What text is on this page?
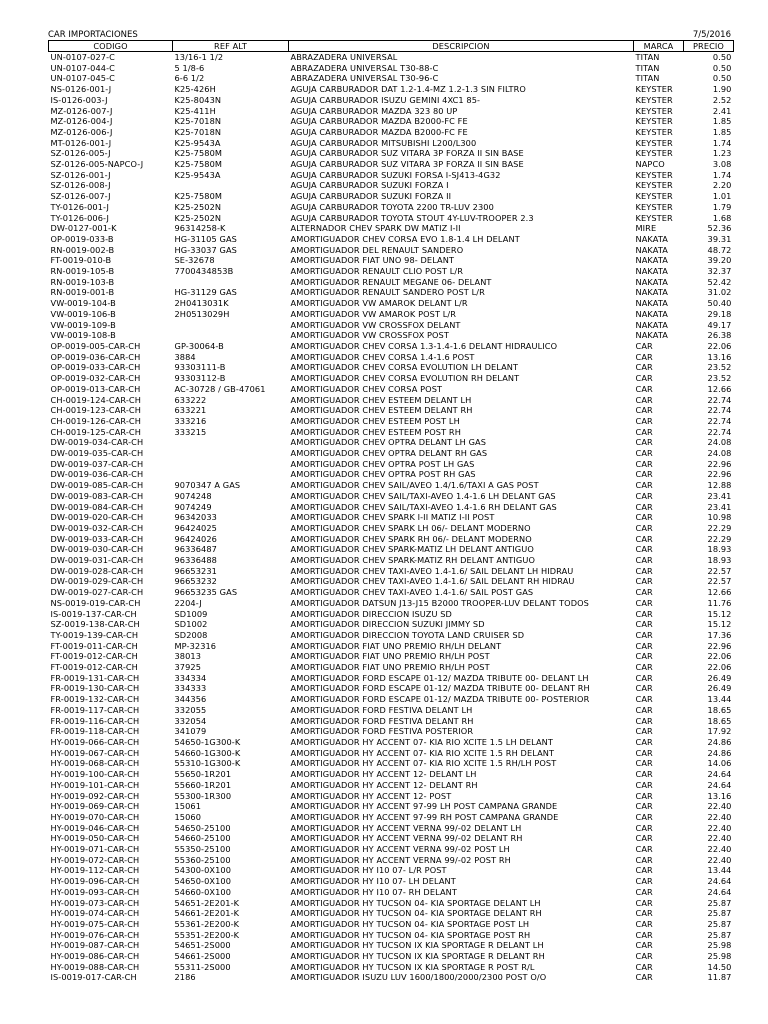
CAR IMPORTACIONES	7/5/2016
CODIGO	REF ALT	DESCRIPCION	MARCA	PRECIO
UN-0107-027-C	13/16-1 1/2	ABRAZADERA UNIVERSAL	TITAN	0.50
UN-0107-044-C	5 1/8-6	ABRAZADERA UNIVERSAL T30-88-C	TITAN	0.50
UN-0107-045-C	6-6 1/2	ABRAZADERA UNIVERSAL T30-96-C	TITAN	0.50
NS-0126-001-J	K25-426H	AGUJA CARBURADOR DAT 1.2-1.4-MZ 1.2-1.3 SIN FILTRO	KEYSTER	1.90
IS-0126-003-J	K25-8043N	AGUJA CARBURADOR ISUZU GEMINI 4XC1 85-	KEYSTER	2.52
MZ-0126-007-J	K25-411H	AGUJA CARBURADOR MAZDA 323 80 UP	KEYSTER	2.41
MZ-0126-004-J	K25-7018N	AGUJA CARBURADOR MAZDA B2000-FC FE	KEYSTER	1.85
MZ-0126-006-J	K25-7018N	AGUJA CARBURADOR MAZDA B2000-FC FE	KEYSTER	1.85
MT-0126-001-J	K25-9543A	AGUJA CARBURADOR MITSUBISHI L200/L300	KEYSTER	1.74
SZ-0126-005-J	K25-7580M	AGUJA CARBURADOR SUZ VITARA 3P FORZA II SIN BASE	KEYSTER	1.23
SZ-0126-005-NAPCO-J	K25-7580M	AGUJA CARBURADOR SUZ VITARA 3P FORZA II SIN BASE	NAPCO	3.08
SZ-0126-001-J	K25-9543A	AGUJA CARBURADOR SUZUKI FORSA I-SJ413-4G32	KEYSTER	1.74
SZ-0126-008-J		AGUJA CARBURADOR SUZUKI FORZA I	KEYSTER	2.20
SZ-0126-007-J	K25-7580M	AGUJA CARBURADOR SUZUKI FORZA II	KEYSTER	1.01
TY-0126-001-J	K25-2502N	AGUJA CARBURADOR TOYOTA 2200 TR-LUV 2300	KEYSTER	1.79
TY-0126-006-J	K25-2502N	AGUJA CARBURADOR TOYOTA STOUT 4Y-LUV-TROOPER 2.3	KEYSTER	1.68
DW-0127-001-K	96314258-K	ALTERNADOR CHEV SPARK DW MATIZ I-II	MIRE	52.36
OP-0019-033-B	HG-31105 GAS	AMORTIGUADOR CHEV CORSA EVO 1.8-1.4 LH DELANT	NAKATA	39.31
RN-0019-002-B	HG-33037 GAS	AMORTIGUADOR DEL RENAULT SANDERO	NAKATA	48.72
FT-0019-010-B	SE-32678	AMORTIGUADOR FIAT UNO 98- DELANT	NAKATA	39.20
RN-0019-105-B	7700434853B	AMORTIGUADOR RENAULT CLIO POST L/R	NAKATA	32.37
RN-0019-103-B		AMORTIGUADOR RENAULT MEGANE 06- DELANT	NAKATA	52.42
RN-0019-001-B	HG-31129 GAS	AMORTIGUADOR RENAULT SANDERO POST L/R	NAKATA	31.02
VW-0019-104-B	2H0413031K	AMORTIGUADOR VW AMAROK DELANT L/R	NAKATA	50.40
VW-0019-106-B	2H0513029H	AMORTIGUADOR VW AMAROK POST L/R	NAKATA	29.18
VW-0019-109-B		AMORTIGUADOR VW CROSSFOX DELANT	NAKATA	49.17
VW-0019-108-B		AMORTIGUADOR VW CROSSFOX POST	NAKATA	26.38
OP-0019-005-CAR-CH	GP-30064-B	AMORTIGUADOR CHEV CORSA 1.3-1.4-1.6 DELANT HIDRAULICO	CAR	22.06
OP-0019-036-CAR-CH	3884	AMORTIGUADOR CHEV CORSA 1.4-1.6 POST	CAR	13.16
OP-0019-033-CAR-CH	93303111-B	AMORTIGUADOR CHEV CORSA EVOLUTION LH DELANT	CAR	23.52
OP-0019-032-CAR-CH	93303112-B	AMORTIGUADOR CHEV CORSA EVOLUTION RH DELANT	CAR	23.52
OP-0019-013-CAR-CH	AC-30728 / GB-47061	AMORTIGUADOR CHEV CORSA POST	CAR	12.66
CH-0019-124-CAR-CH	633222	AMORTIGUADOR CHEV ESTEEM DELANT LH	CAR	22.74
CH-0019-123-CAR-CH	633221	AMORTIGUADOR CHEV ESTEEM DELANT RH	CAR	22.74
CH-0019-126-CAR-CH	333216	AMORTIGUADOR CHEV ESTEEM POST LH	CAR	22.74
CH-0019-125-CAR-CH	333215	AMORTIGUADOR CHEV ESTEEM POST RH	CAR	22.74
DW-0019-034-CAR-CH		AMORTIGUADOR CHEV OPTRA DELANT LH GAS	CAR	24.08
DW-0019-035-CAR-CH		AMORTIGUADOR CHEV OPTRA DELANT RH GAS	CAR	24.08
DW-0019-037-CAR-CH		AMORTIGUADOR CHEV OPTRA POST LH GAS	CAR	22.96
DW-0019-036-CAR-CH		AMORTIGUADOR CHEV OPTRA POST RH GAS	CAR	22.96
DW-0019-085-CAR-CH	9070347 A GAS	AMORTIGUADOR CHEV SAIL/AVEO 1.4/1.6/TAXI A GAS POST	CAR	12.88
DW-0019-083-CAR-CH	9074248	AMORTIGUADOR CHEV SAIL/TAXI-AVEO 1.4-1.6 LH DELANT GAS	CAR	23.41
DW-0019-084-CAR-CH	9074249	AMORTIGUADOR CHEV SAIL/TAXI-AVEO 1.4-1.6 RH DELANT GAS	CAR	23.41
DW-0019-020-CAR-CH	96342033	AMORTIGUADOR CHEV SPARK I-II MATIZ I-II POST	CAR	10.98
DW-0019-032-CAR-CH	96424025	AMORTIGUADOR CHEV SPARK LH 06/- DELANT MODERNO	CAR	22.29
DW-0019-033-CAR-CH	96424026	AMORTIGUADOR CHEV SPARK RH 06/- DELANT MODERNO	CAR	22.29
DW-0019-030-CAR-CH	96336487	AMORTIGUADOR CHEV SPARK-MATIZ LH DELANT ANTIGUO	CAR	18.93
DW-0019-031-CAR-CH	96336488	AMORTIGUADOR CHEV SPARK-MATIZ RH DELANT ANTIGUO	CAR	18.93
DW-0019-028-CAR-CH	96653231	AMORTIGUADOR CHEV TAXI-AVEO 1.4-1.6/ SAIL DELANT LH HIDRAU	CAR	22.57
DW-0019-029-CAR-CH	96653232	AMORTIGUADOR CHEV TAXI-AVEO 1.4-1.6/ SAIL DELANT RH HIDRAU	CAR	22.57
DW-0019-027-CAR-CH	96653235 GAS	AMORTIGUADOR CHEV TAXI-AVEO 1.4-1.6/ SAIL POST GAS	CAR	12.66
NS-0019-019-CAR-CH	2204-J	AMORTIGUADOR DATSUN J13-J15 B2000 TROOPER-LUV DELANT TODOS	CAR	11.76
IS-0019-137-CAR-CH	SD1009	AMORTIGUADOR DIRECCION ISUZU SD	CAR	15.12
SZ-0019-138-CAR-CH	SD1002	AMORTIGUADOR DIRECCION SUZUKI JIMMY SD	CAR	15.12
TY-0019-139-CAR-CH	SD2008	AMORTIGUADOR DIRECCION TOYOTA LAND CRUISER SD	CAR	17.36
FT-0019-011-CAR-CH	MP-32316	AMORTIGUADOR FIAT UNO PREMIO RH/LH DELANT	CAR	22.96
FT-0019-012-CAR-CH	38013	AMORTIGUADOR FIAT UNO PREMIO RH/LH POST	CAR	22.06
FT-0019-012-CAR-CH	37925	AMORTIGUADOR FIAT UNO PREMIO RH/LH POST	CAR	22.06
FR-0019-131-CAR-CH	334334	AMORTIGUADOR FORD ESCAPE 01-12/ MAZDA TRIBUTE 00- DELANT LH	CAR	26.49
FR-0019-130-CAR-CH	334333	AMORTIGUADOR FORD ESCAPE 01-12/ MAZDA TRIBUTE 00- DELANT RH	CAR	26.49
FR-0019-132-CAR-CH	344356	AMORTIGUADOR FORD ESCAPE 01-12/ MAZDA TRIBUTE 00- POSTERIOR	CAR	13.44
FR-0019-117-CAR-CH	332055	AMORTIGUADOR FORD FESTIVA DELANT LH	CAR	18.65
FR-0019-116-CAR-CH	332054	AMORTIGUADOR FORD FESTIVA DELANT RH	CAR	18.65
FR-0019-118-CAR-CH	341079	AMORTIGUADOR FORD FESTIVA POSTERIOR	CAR	17.92
HY-0019-066-CAR-CH	54650-1G300-K	AMORTIGUADOR HY ACCENT 07- KIA RIO XCITE 1.5 LH DELANT	CAR	24.86
HY-0019-067-CAR-CH	54660-1G300-K	AMORTIGUADOR HY ACCENT 07- KIA RIO XCITE 1.5 RH DELANT	CAR	24.86
HY-0019-068-CAR-CH	55310-1G300-K	AMORTIGUADOR HY ACCENT 07- KIA RIO XCITE 1.5 RH/LH POST	CAR	14.06
HY-0019-100-CAR-CH	55650-1R201	AMORTIGUADOR HY ACCENT 12- DELANT LH	CAR	24.64
HY-0019-101-CAR-CH	55660-1R201	AMORTIGUADOR HY ACCENT 12- DELANT RH	CAR	24.64
HY-0019-092-CAR-CH	55300-1R300	AMORTIGUADOR HY ACCENT 12- POST	CAR	13.16
HY-0019-069-CAR-CH	15061	AMORTIGUADOR HY ACCENT 97-99 LH POST CAMPANA GRANDE	CAR	22.40
HY-0019-070-CAR-CH	15060	AMORTIGUADOR HY ACCENT 97-99 RH POST CAMPANA GRANDE	CAR	22.40
HY-0019-046-CAR-CH	54650-25100	AMORTIGUADOR HY ACCENT VERNA 99/-02 DELANT LH	CAR	22.40
HY-0019-050-CAR-CH	54660-25100	AMORTIGUADOR HY ACCENT VERNA 99/-02 DELANT RH	CAR	22.40
HY-0019-071-CAR-CH	55350-25100	AMORTIGUADOR HY ACCENT VERNA 99/-02 POST LH	CAR	22.40
HY-0019-072-CAR-CH	55360-25100	AMORTIGUADOR HY ACCENT VERNA 99/-02 POST RH	CAR	22.40
HY-0019-112-CAR-CH	54300-0X100	AMORTIGUADOR HY I10 07- L/R POST	CAR	13.44
HY-0019-096-CAR-CH	54650-0X100	AMORTIGUADOR HY I10 07- LH DELANT	CAR	24.64
HY-0019-093-CAR-CH	54660-0X100	AMORTIGUADOR HY I10 07- RH DELANT	CAR	24.64
HY-0019-073-CAR-CH	54651-2E201-K	AMORTIGUADOR HY TUCSON 04- KIA SPORTAGE DELANT LH	CAR	25.87
HY-0019-074-CAR-CH	54661-2E201-K	AMORTIGUADOR HY TUCSON 04- KIA SPORTAGE DELANT RH	CAR	25.87
HY-0019-075-CAR-CH	55361-2E200-K	AMORTIGUADOR HY TUCSON 04- KIA SPORTAGE POST LH	CAR	25.87
HY-0019-076-CAR-CH	55351-2E200-K	AMORTIGUADOR HY TUCSON 04- KIA SPORTAGE POST RH	CAR	25.87
HY-0019-087-CAR-CH	54651-2S000	AMORTIGUADOR HY TUCSON IX KIA SPORTAGE R DELANT LH	CAR	25.98
HY-0019-086-CAR-CH	54661-2S000	AMORTIGUADOR HY TUCSON IX KIA SPORTAGE R DELANT RH	CAR	25.98
HY-0019-088-CAR-CH	55311-2S000	AMORTIGUADOR HY TUCSON IX KIA SPORTAGE R POST R/L	CAR	14.50
IS-0019-017-CAR-CH	2186	AMORTIGUADOR ISUZU LUV 1600/1800/2000/2300 POST O/O	CAR	11.87
